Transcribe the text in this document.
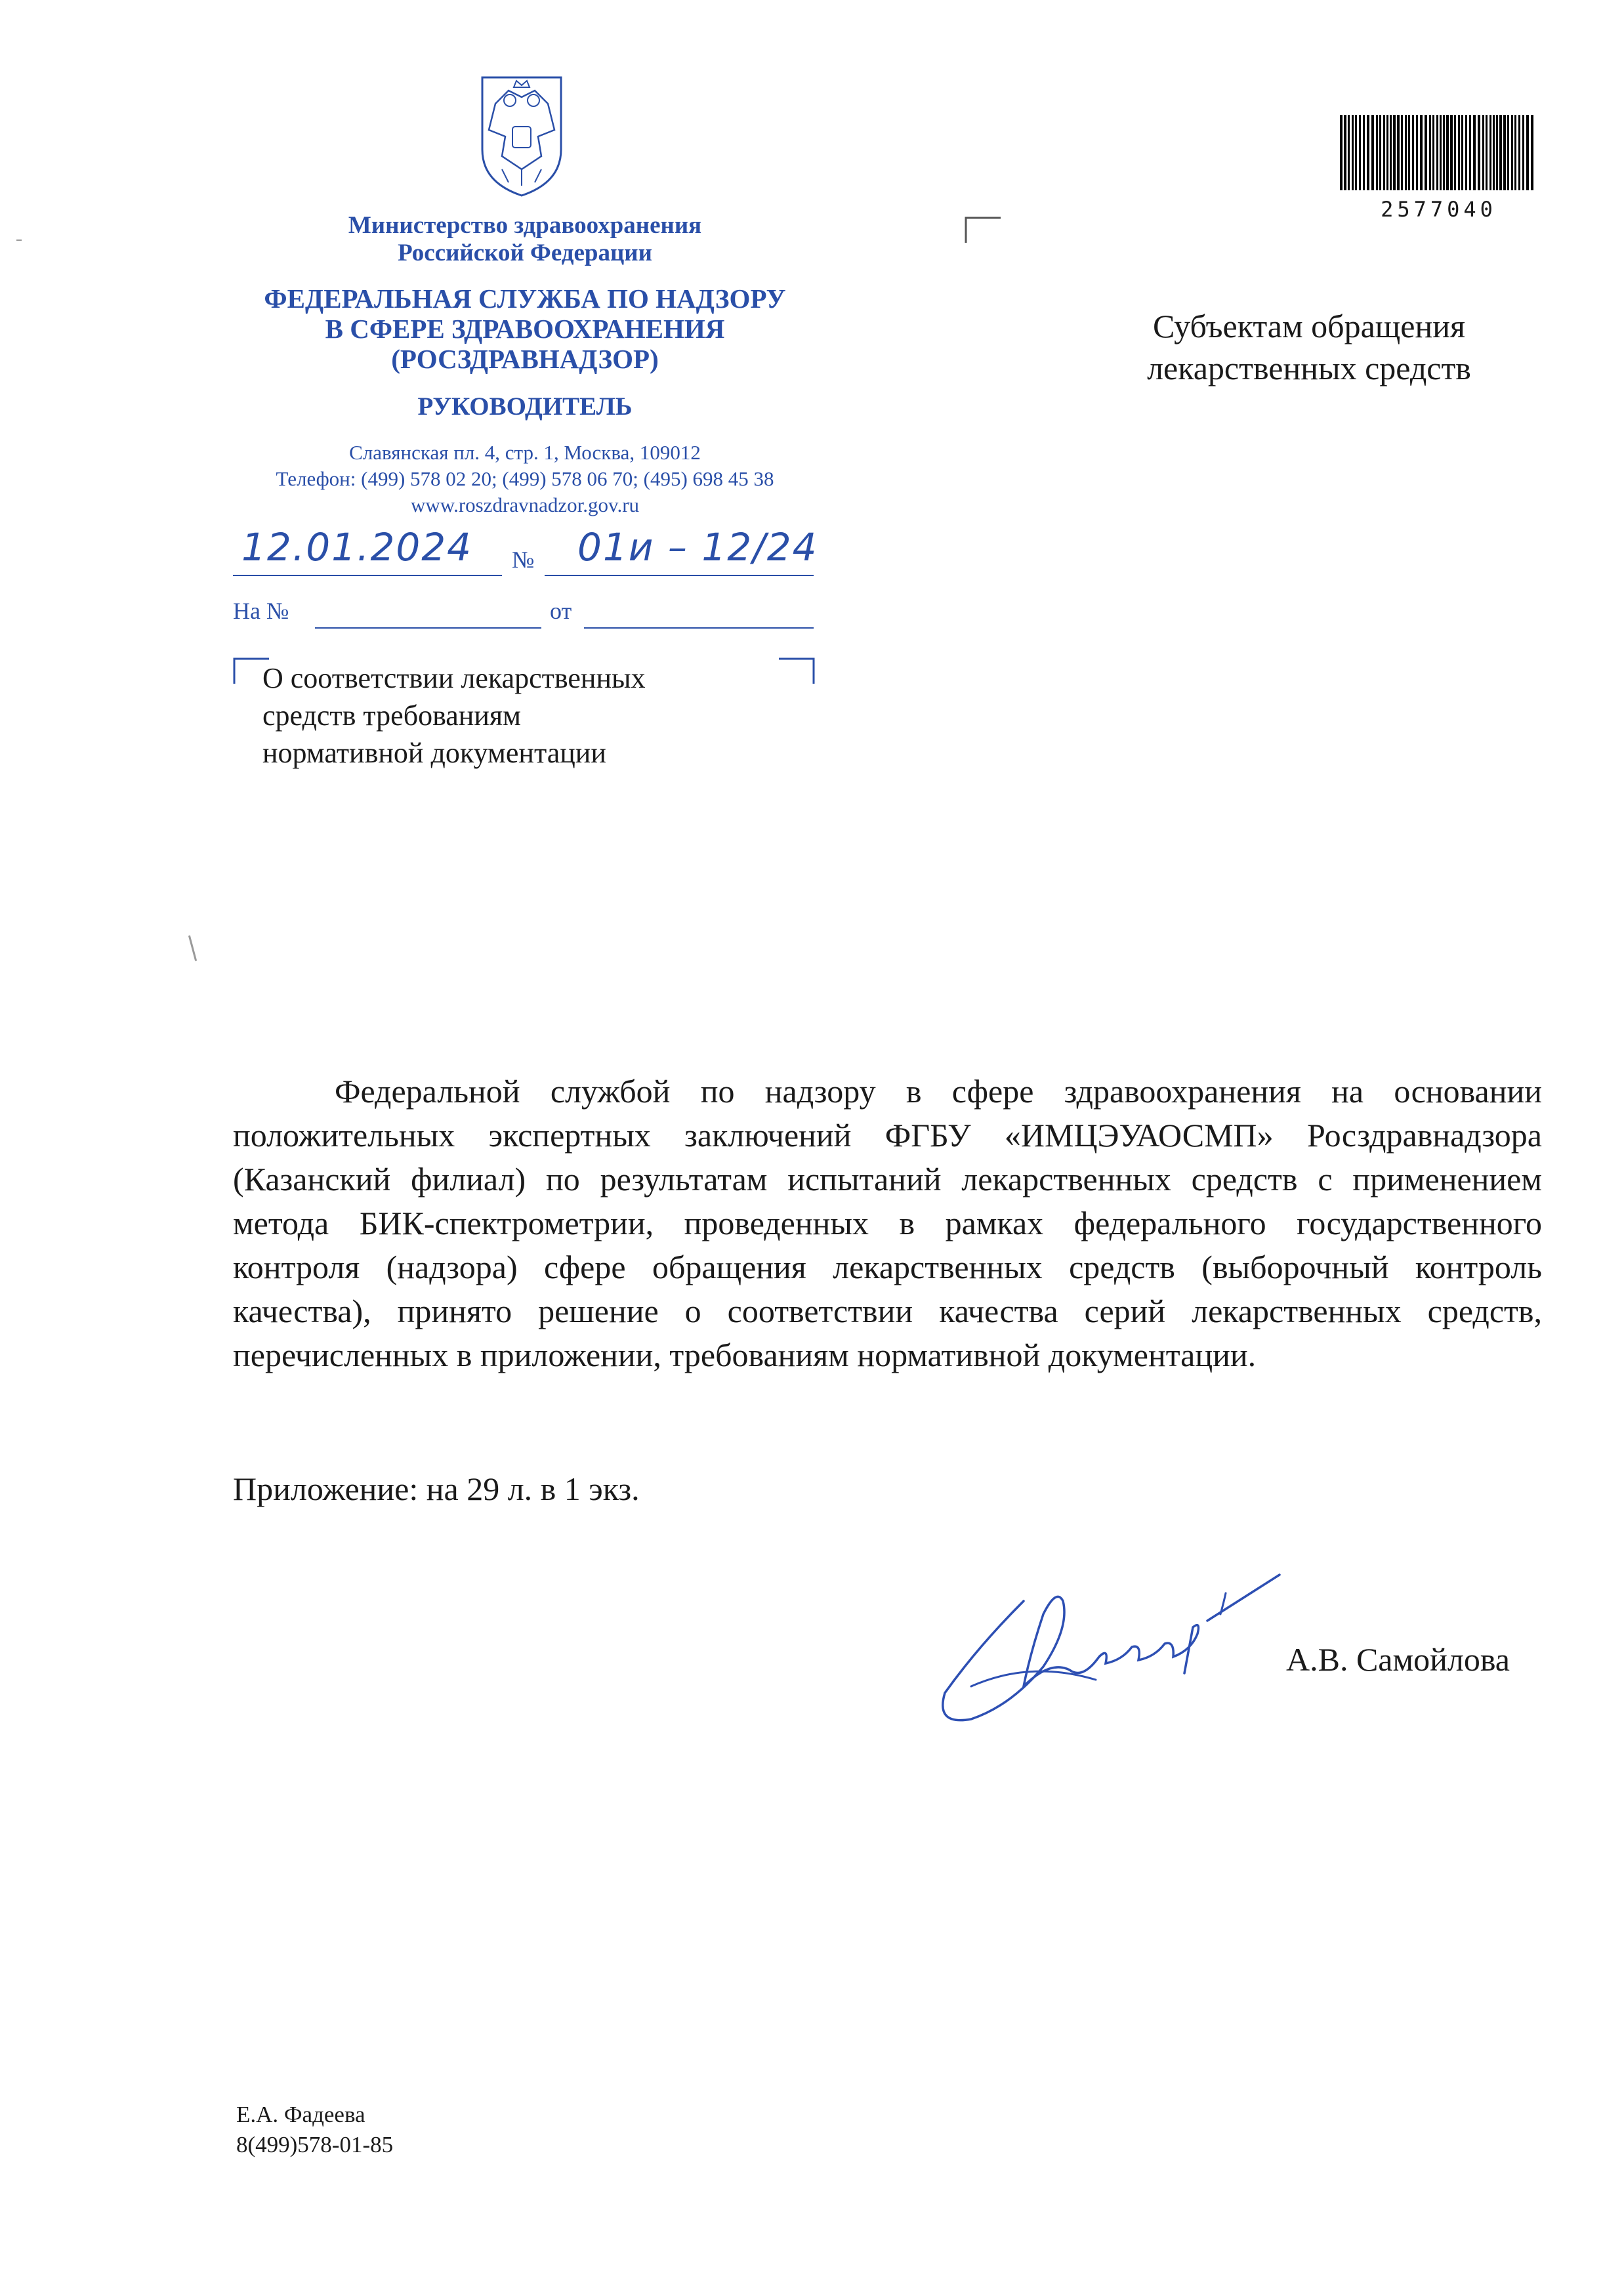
Министерство здравоохранения
Российской Федерации
ФЕДЕРАЛЬНАЯ СЛУЖБА ПО НАДЗОРУ
В СФЕРЕ ЗДРАВООХРАНЕНИЯ
(РОСЗДРАВНАДЗОР)
РУКОВОДИТЕЛЬ
Славянская пл. 4, стр. 1, Москва, 109012
Телефон: (499) 578 02 20; (499) 578 06 70; (495) 698 45 38
www.roszdravnadzor.gov.ru
12.01.2024 № 01и – 12/24
На №	от
О соответствии лекарственных
средств требованиям
нормативной документации
2577040
Субъектам обращения
лекарственных средств

Федеральной службой по надзору в сфере здравоохранения на основании положительных экспертных заключений ФГБУ «ИМЦЭУАОСМП» Росздравнадзора (Казанский филиал) по результатам испытаний лекарственных средств с применением метода БИК-спектрометрии, проведенных в рамках федерального государственного контроля (надзора) сфере обращения лекарственных средств (выборочный контроль качества), принято решение о соответствии качества серий лекарственных средств, перечисленных в приложении, требованиям нормативной документации.

Приложение: на 29 л. в 1 экз.
А.В. Самойлова
Е.А. Фадеева
8(499)578-01-85
